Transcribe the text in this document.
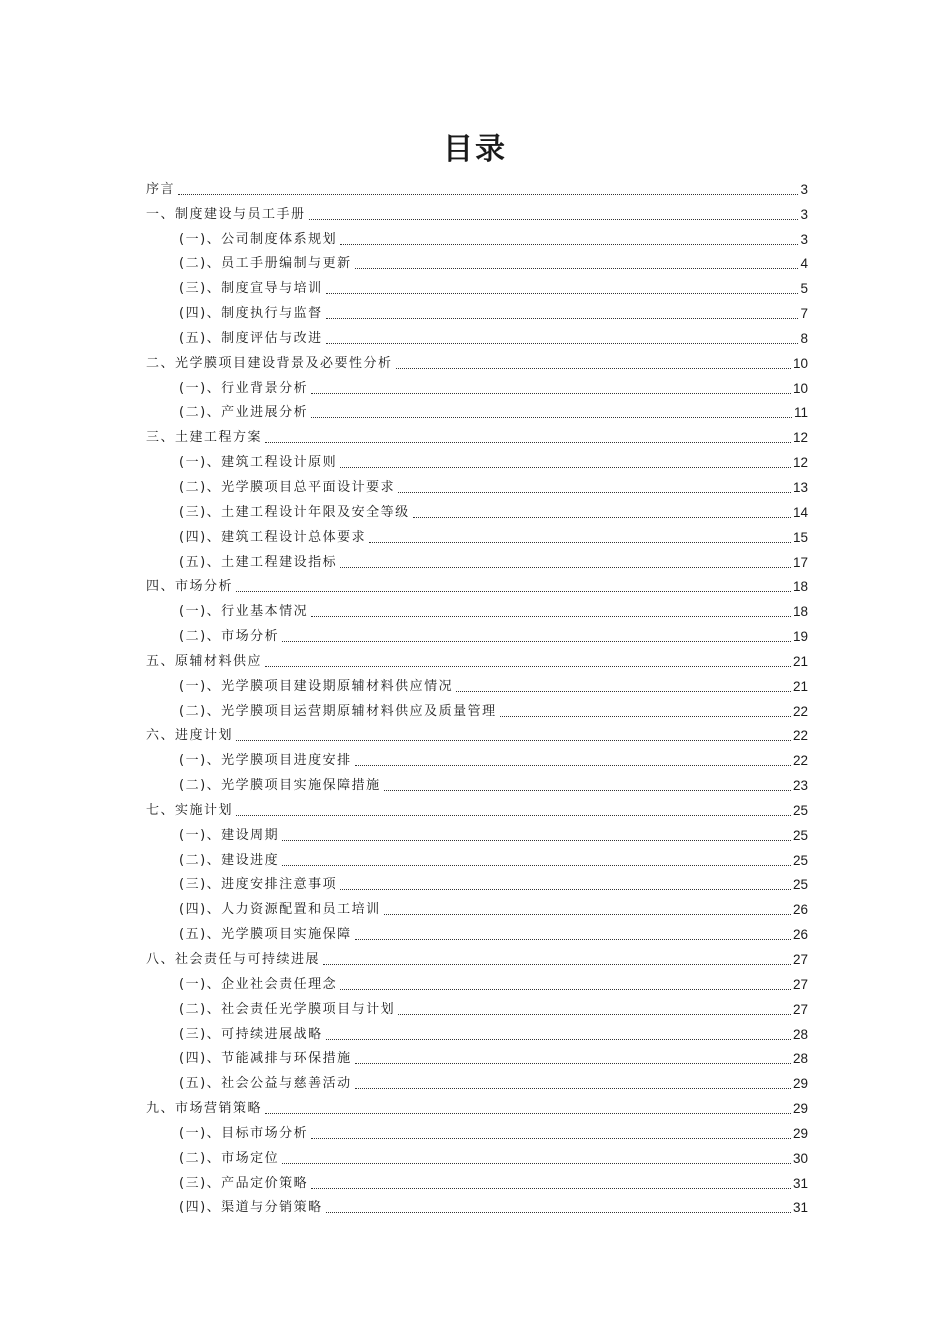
目录
序言	3
一、制度建设与员工手册	3
(一)、公司制度体系规划	3
(二)、员工手册编制与更新	4
(三)、制度宣导与培训	5
(四)、制度执行与监督	7
(五)、制度评估与改进	8
二、光学膜项目建设背景及必要性分析	10
(一)、行业背景分析	10
(二)、产业进展分析	11
三、土建工程方案	12
(一)、建筑工程设计原则	12
(二)、光学膜项目总平面设计要求	13
(三)、土建工程设计年限及安全等级	14
(四)、建筑工程设计总体要求	15
(五)、土建工程建设指标	17
四、市场分析	18
(一)、行业基本情况	18
(二)、市场分析	19
五、原辅材料供应	21
(一)、光学膜项目建设期原辅材料供应情况	21
(二)、光学膜项目运营期原辅材料供应及质量管理	22
六、进度计划	22
(一)、光学膜项目进度安排	22
(二)、光学膜项目实施保障措施	23
七、实施计划	25
(一)、建设周期	25
(二)、建设进度	25
(三)、进度安排注意事项	25
(四)、人力资源配置和员工培训	26
(五)、光学膜项目实施保障	26
八、社会责任与可持续进展	27
(一)、企业社会责任理念	27
(二)、社会责任光学膜项目与计划	27
(三)、可持续进展战略	28
(四)、节能减排与环保措施	28
(五)、社会公益与慈善活动	29
九、市场营销策略	29
(一)、目标市场分析	29
(二)、市场定位	30
(三)、产品定价策略	31
(四)、渠道与分销策略	31
